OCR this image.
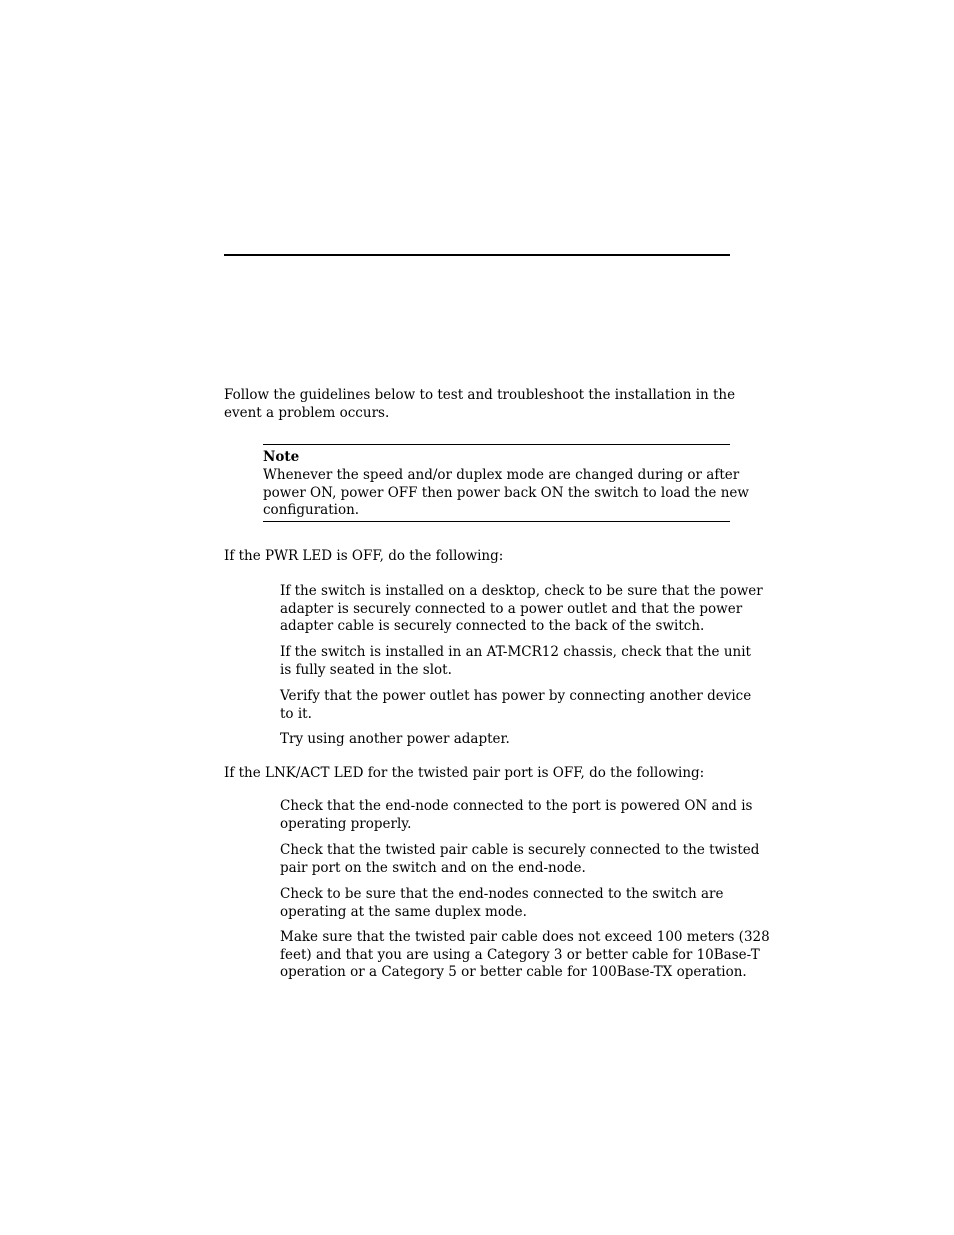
Follow the guidelines below to test and troubleshoot the installation in the
event a problem occurs.
Note
Whenever the speed and/or duplex mode are changed during or after
power ON, power OFF then power back ON the switch to load the new
configuration.
If the PWR LED is OFF, do the following:
If the switch is installed on a desktop, check to be sure that the power
adapter is securely connected to a power outlet and that the power
adapter cable is securely connected to the back of the switch.
If the switch is installed in an AT-MCR12 chassis, check that the unit
is fully seated in the slot.
Verify that the power outlet has power by connecting another device
to it.
Try using another power adapter.
If the LNK/ACT LED for the twisted pair port is OFF, do the following:
Check that the end-node connected to the port is powered ON and is
operating properly.
Check that the twisted pair cable is securely connected to the twisted
pair port on the switch and on the end-node.
Check to be sure that the end-nodes connected to the switch are
operating at the same duplex mode.
Make sure that the twisted pair cable does not exceed 100 meters (328
feet) and that you are using a Category 3 or better cable for 10Base-T
operation or a Category 5 or better cable for 100Base-TX operation.
